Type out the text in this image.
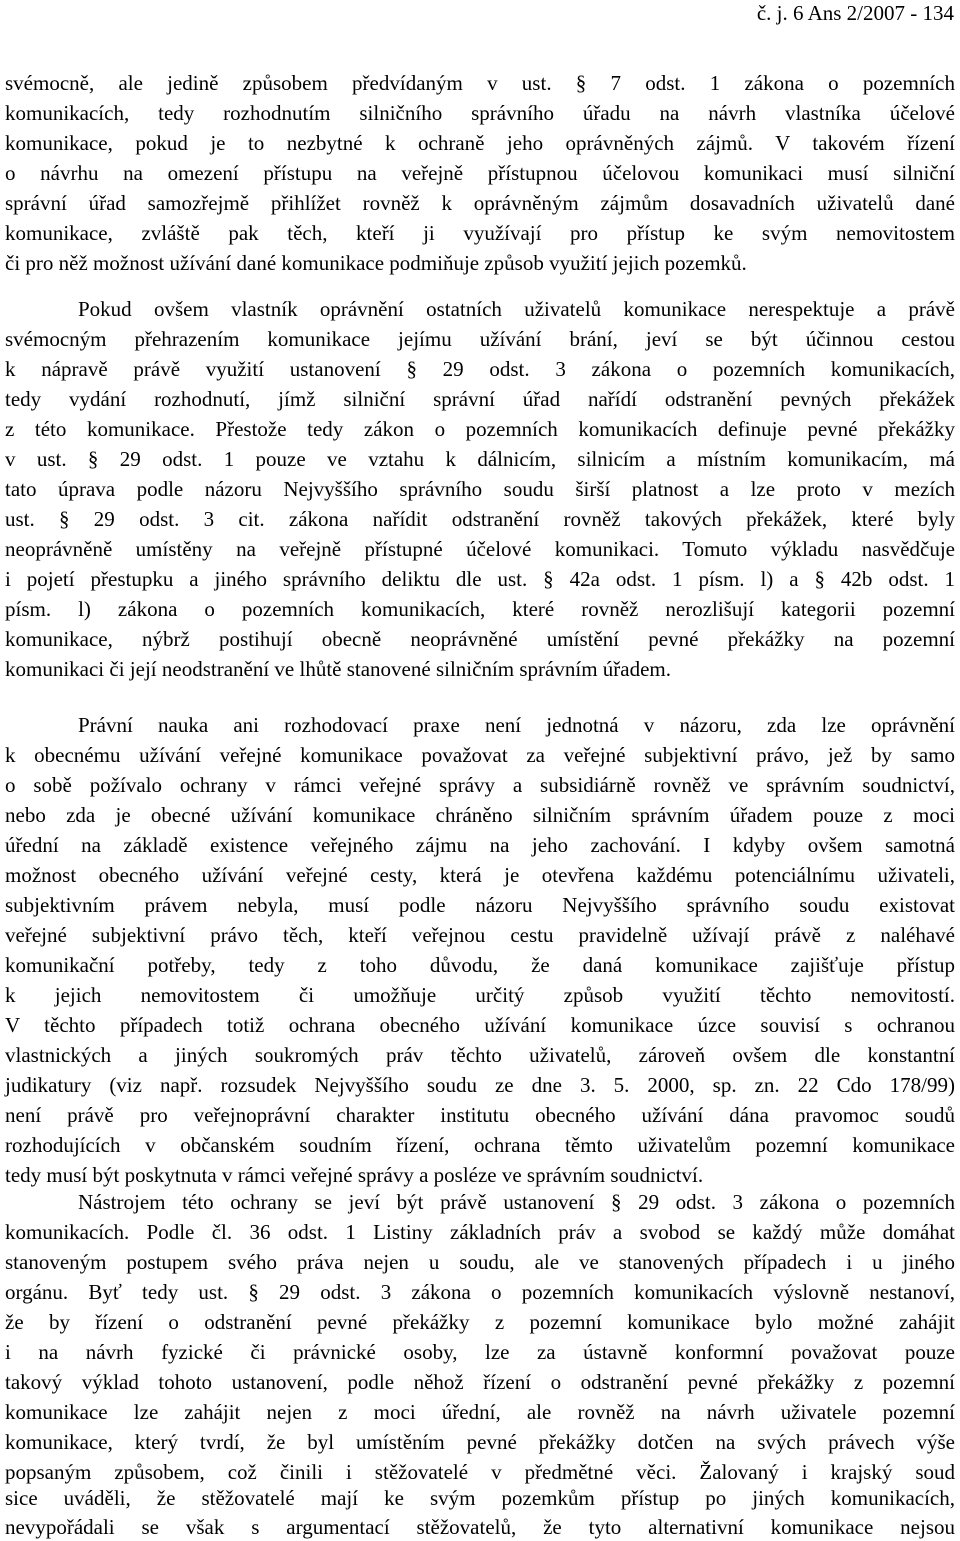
č. j. 6 Ans 2/2007 - 134
svémocně, ale jedině způsobem předvídaným v ust. § 7 odst. 1 zákona o pozemních
komunikacích, tedy rozhodnutím silničního správního úřadu na návrh vlastníka účelové
komunikace, pokud je to nezbytné k ochraně jeho oprávněných zájmů. V takovém řízení
o návrhu na omezení přístupu na veřejně přístupnou účelovou komunikaci musí silniční
správní úřad samozřejmě přihlížet rovněž k oprávněným zájmům dosavadních uživatelů dané
komunikace, zvláště pak těch, kteří ji využívají pro přístup ke svým nemovitostem
či pro něž možnost užívání dané komunikace podmiňuje způsob využití jejich pozemků.
Pokud ovšem vlastník oprávnění ostatních uživatelů komunikace nerespektuje a právě
svémocným přehrazením komunikace jejímu užívání brání, jeví se být účinnou cestou
k nápravě právě využití ustanovení § 29 odst. 3 zákona o pozemních komunikacích,
tedy vydání rozhodnutí, jímž silniční správní úřad nařídí odstranění pevných překážek
z této komunikace. Přestože tedy zákon o pozemních komunikacích definuje pevné překážky
v ust. § 29 odst. 1 pouze ve vztahu k dálnicím, silnicím a místním komunikacím, má
tato úprava podle názoru Nejvyššího správního soudu širší platnost a lze proto v mezích
ust. § 29 odst. 3 cit. zákona nařídit odstranění rovněž takových překážek, které byly
neoprávněně umístěny na veřejně přístupné účelové komunikaci. Tomuto výkladu nasvědčuje
i pojetí přestupku a jiného správního deliktu dle ust. § 42a odst. 1 písm. l) a § 42b odst. 1
písm. l) zákona o pozemních komunikacích, které rovněž nerozlišují kategorii pozemní
komunikace, nýbrž postihují obecně neoprávněné umístění pevné překážky na pozemní
komunikaci či její neodstranění ve lhůtě stanovené silničním správním úřadem.
Právní nauka ani rozhodovací praxe není jednotná v názoru, zda lze oprávnění
k obecnému užívání veřejné komunikace považovat za veřejné subjektivní právo, jež by samo
o sobě požívalo ochrany v rámci veřejné správy a subsidiárně rovněž ve správním soudnictví,
nebo zda je obecné užívání komunikace chráněno silničním správním úřadem pouze z moci
úřední na základě existence veřejného zájmu na jeho zachování. I kdyby ovšem samotná
možnost obecného užívání veřejné cesty, která je otevřena každému potenciálnímu uživateli,
subjektivním právem nebyla, musí podle názoru Nejvyššího správního soudu existovat
veřejné subjektivní právo těch, kteří veřejnou cestu pravidelně užívají právě z naléhavé
komunikační potřeby, tedy z toho důvodu, že daná komunikace zajišťuje přístup
k jejich nemovitostem či umožňuje určitý způsob využití těchto nemovitostí.
V těchto případech totiž ochrana obecného užívání komunikace úzce souvisí s ochranou
vlastnických a jiných soukromých práv těchto uživatelů, zároveň ovšem dle konstantní
judikatury (viz např. rozsudek Nejvyššího soudu ze dne 3. 5. 2000, sp. zn. 22 Cdo 178/99)
není právě pro veřejnoprávní charakter institutu obecného užívání dána pravomoc soudů
rozhodujících v občanském soudním řízení, ochrana těmto uživatelům pozemní komunikace
tedy musí být poskytnuta v rámci veřejné správy a posléze ve správním soudnictví.
Nástrojem této ochrany se jeví být právě ustanovení § 29 odst. 3 zákona o pozemních
komunikacích. Podle čl. 36 odst. 1 Listiny základních práv a svobod se každý může domáhat
stanoveným postupem svého práva nejen u soudu, ale ve stanovených případech i u jiného
orgánu. Byť tedy ust. § 29 odst. 3 zákona o pozemních komunikacích výslovně nestanoví,
že by řízení o odstranění pevné překážky z pozemní komunikace bylo možné zahájit
i na návrh fyzické či právnické osoby, lze za ústavně konformní považovat pouze
takový výklad tohoto ustanovení, podle něhož řízení o odstranění pevné překážky z pozemní
komunikace lze zahájit nejen z moci úřední, ale rovněž na návrh uživatele pozemní
komunikace, který tvrdí, že byl umístěním pevné překážky dotčen na svých právech výše
popsaným způsobem, což činili i stěžovatelé v předmětné věci. Žalovaný i krajský soud
sice uváděli, že stěžovatelé mají ke svým pozemkům přístup po jiných komunikacích,
nevypořádali se však s argumentací stěžovatelů, že tyto alternativní komunikace nejsou
